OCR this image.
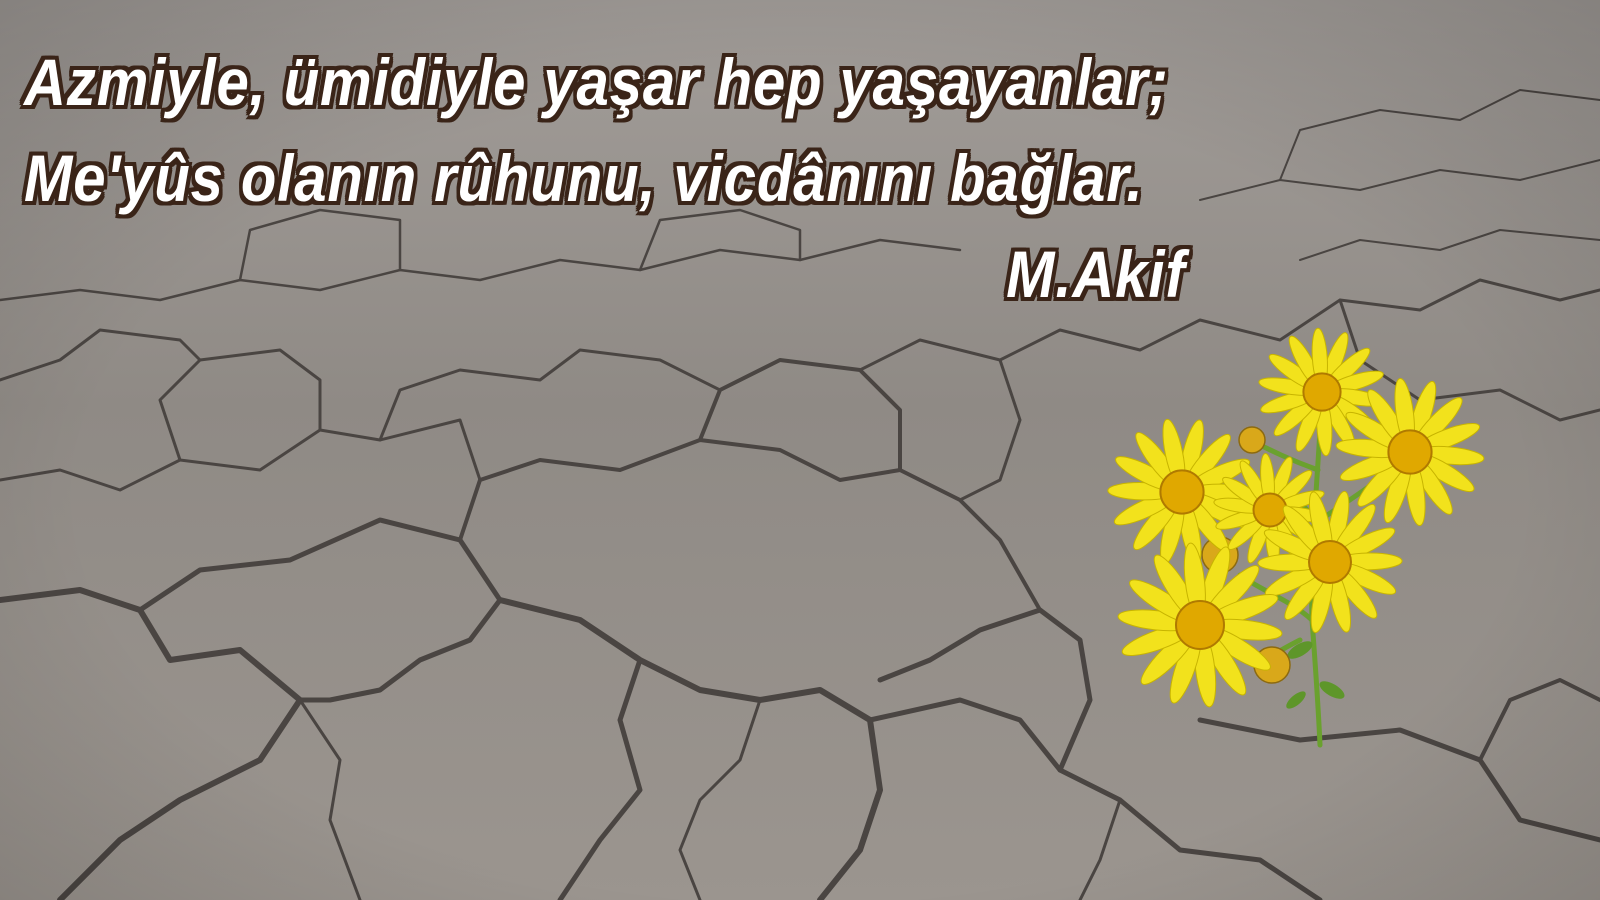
Azmiyle, ümidiyle yaşar hep yaşayanlar;
Me'yûs olanın rûhunu, vicdânını bağlar.
M.Akif
